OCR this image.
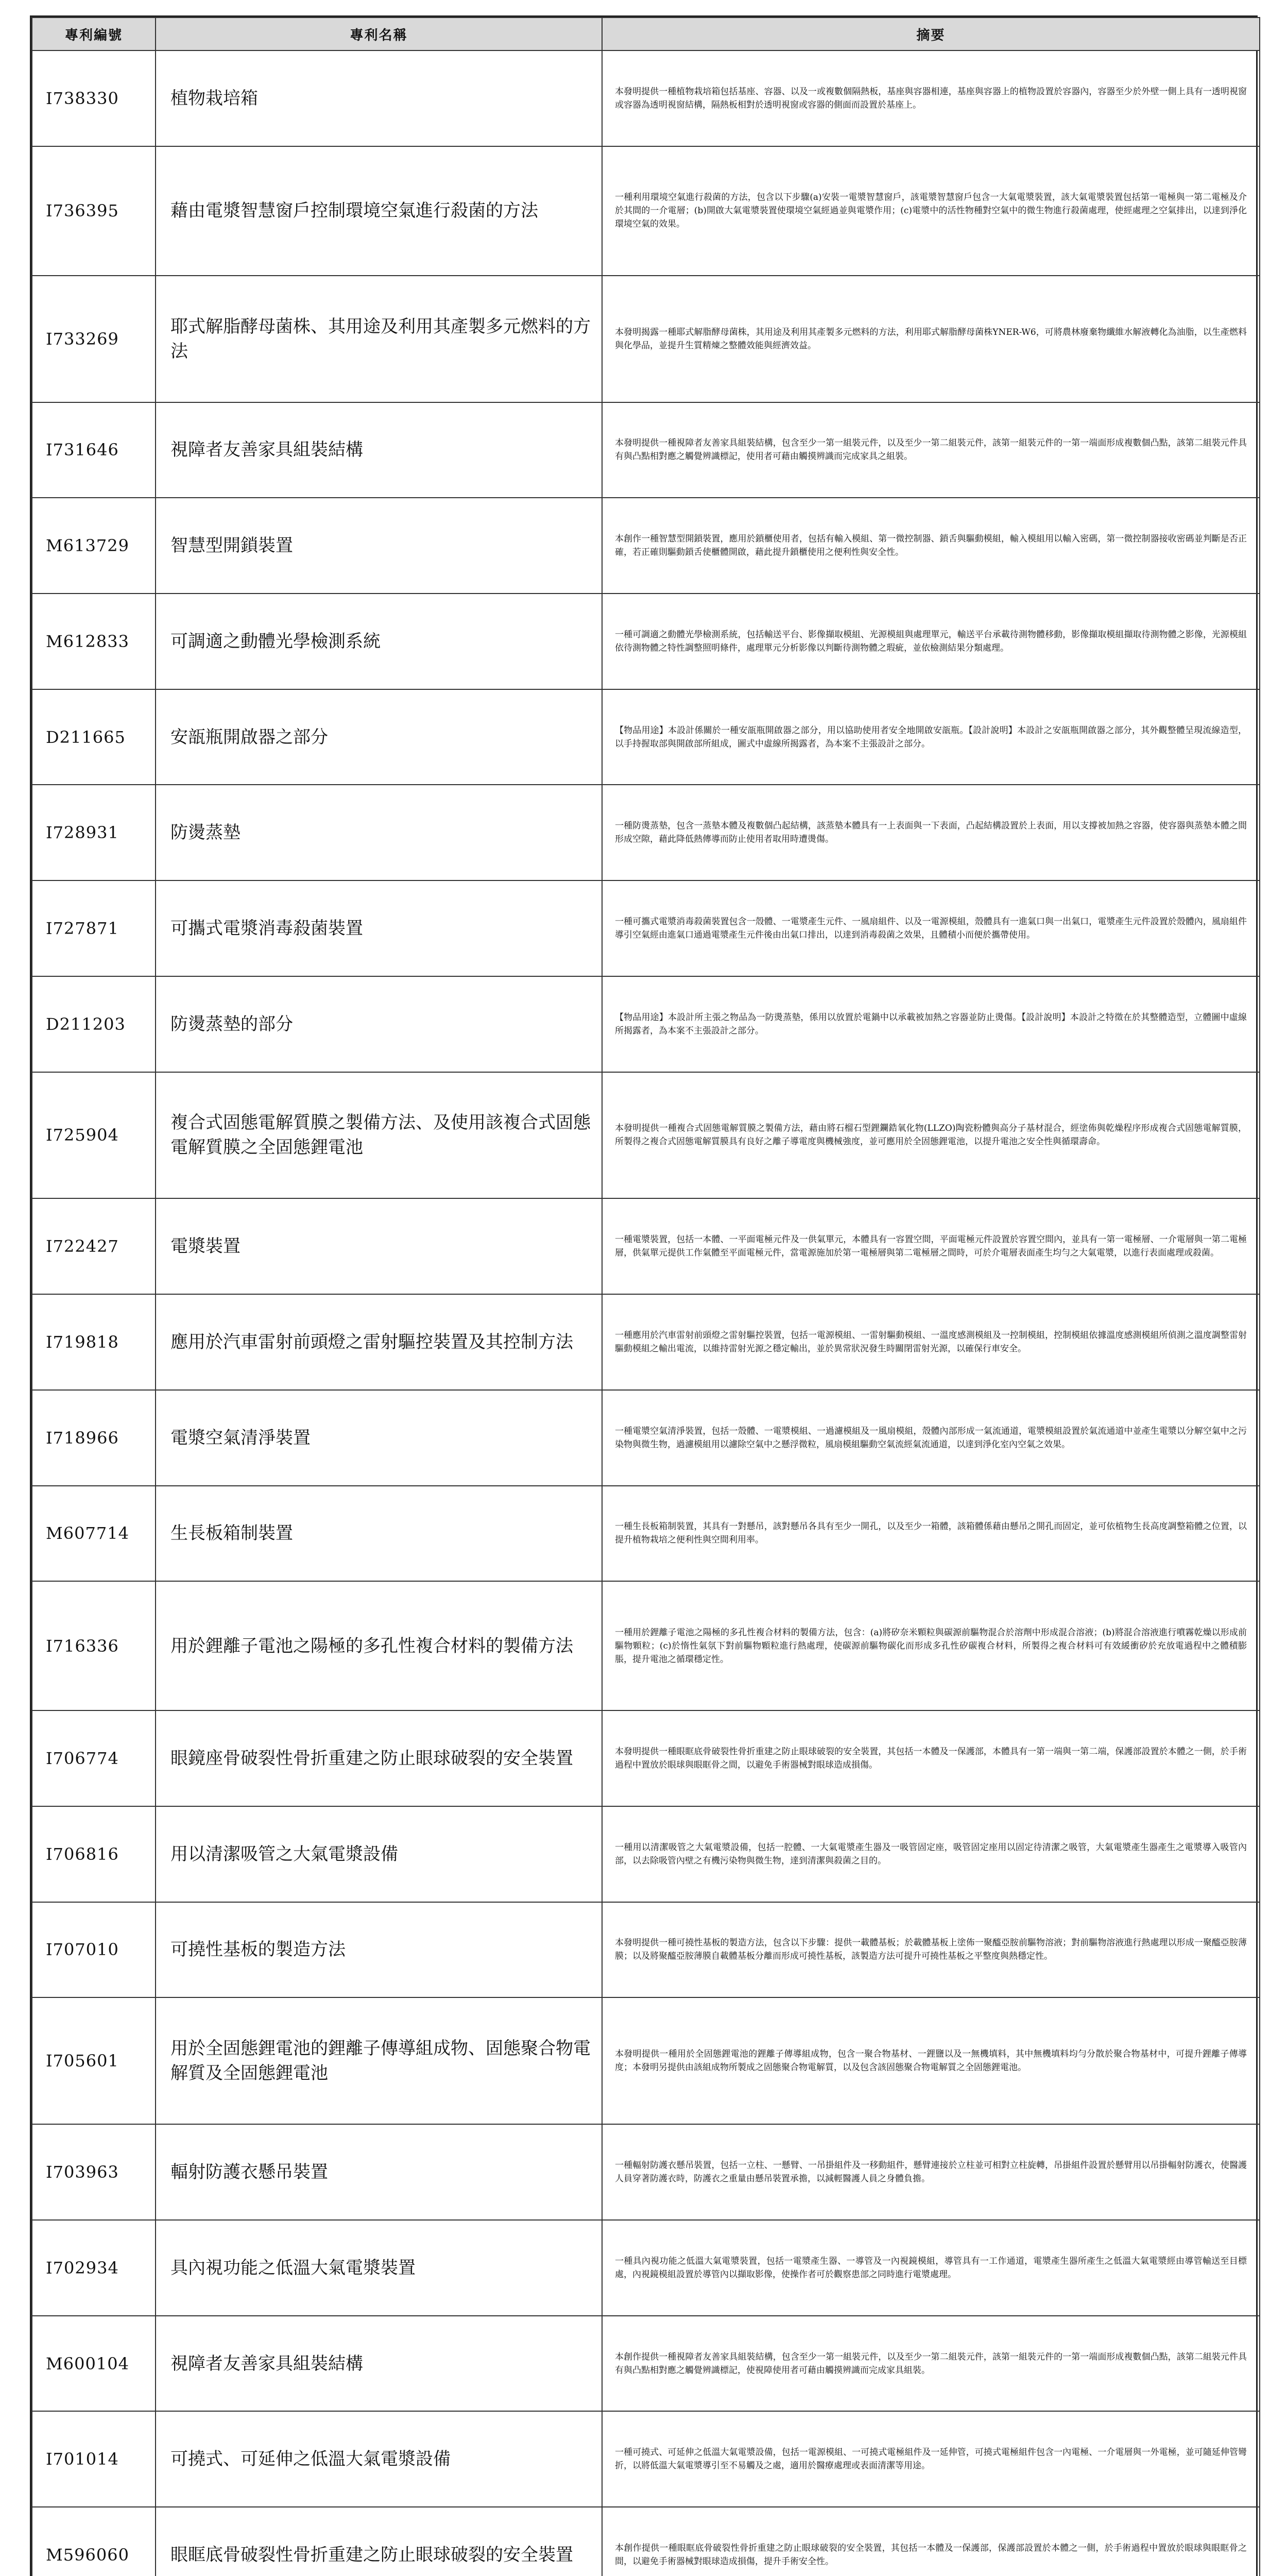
專利編號	專利名稱	摘要
I738330	植物栽培箱	本發明提供一種植物栽培箱包括基座、容器、以及一或複數個隔熱板，基座與容器相連，基座與容器上的植物設置於容器內，容器至少於外壁一側上具有一透明視窗或容器為透明視窗結構，隔熱板相對於透明視窗或容器的側面而設置於基座上。
I736395	藉由電漿智慧窗戶控制環境空氣進行殺菌的方法	一種利用環境空氣進行殺菌的方法，包含以下步驟(a)安裝一電漿智慧窗戶，該電漿智慧窗戶包含一大氣電漿裝置，該大氣電漿裝置包括第一電極與一第二電極及介於其間的一介電層；(b)開啟大氣電漿裝置使環境空氣經過並與電漿作用；(c)電漿中的活性物種對空氣中的微生物進行殺菌處理，使經處理之空氣排出，以達到淨化環境空氣的效果。
I733269	耶式解脂酵母菌株、其用途及利用其產製多元燃料的方法	本發明揭露一種耶式解脂酵母菌株，其用途及利用其產製多元燃料的方法，利用耶式解脂酵母菌株YNER-W6，可將農林廢棄物纖維水解液轉化為油脂，以生產燃料與化學品，並提升生質精煉之整體效能與經濟效益。
I731646	視障者友善家具組裝結構	本發明提供一種視障者友善家具組裝結構，包含至少一第一組裝元件，以及至少一第二組裝元件，該第一組裝元件的一第一端面形成複數個凸點，該第二組裝元件具有與凸點相對應之觸覺辨識標記，使用者可藉由觸摸辨識而完成家具之組裝。
M613729	智慧型開鎖裝置	本創作一種智慧型開鎖裝置，應用於鎖櫃使用者，包括有輸入模組、第一微控制器、鎖舌與驅動模組，輸入模組用以輸入密碼，第一微控制器接收密碼並判斷是否正確，若正確則驅動鎖舌使櫃體開啟，藉此提升鎖櫃使用之便利性與安全性。
M612833	可調適之動體光學檢測系統	一種可調適之動體光學檢測系統，包括輸送平台、影像擷取模組、光源模組與處理單元，輸送平台承載待測物體移動，影像擷取模組擷取待測物體之影像，光源模組依待測物體之特性調整照明條件，處理單元分析影像以判斷待測物體之瑕疵，並依檢測結果分類處理。
D211665	安瓿瓶開啟器之部分	【物品用途】本設計係關於一種安瓿瓶開啟器之部分，用以協助使用者安全地開啟安瓿瓶。【設計說明】本設計之安瓿瓶開啟器之部分，其外觀整體呈現流線造型，以手持握取部與開啟部所組成，圖式中虛線所揭露者，為本案不主張設計之部分。
I728931	防燙蒸墊	一種防燙蒸墊，包含一蒸墊本體及複數個凸起結構，該蒸墊本體具有一上表面與一下表面，凸起結構設置於上表面，用以支撐被加熱之容器，使容器與蒸墊本體之間形成空隙，藉此降低熱傳導而防止使用者取用時遭燙傷。
I727871	可攜式電漿消毒殺菌裝置	一種可攜式電漿消毒殺菌裝置包含一殼體、一電漿產生元件、一風扇組件、以及一電源模組，殼體具有一進氣口與一出氣口，電漿產生元件設置於殼體內，風扇組件導引空氣經由進氣口通過電漿產生元件後由出氣口排出，以達到消毒殺菌之效果，且體積小而便於攜帶使用。
D211203	防燙蒸墊的部分	【物品用途】本設計所主張之物品為一防燙蒸墊，係用以放置於電鍋中以承載被加熱之容器並防止燙傷。【設計說明】本設計之特徵在於其整體造型，立體圖中虛線所揭露者，為本案不主張設計之部分。
I725904	複合式固態電解質膜之製備方法、及使用該複合式固態電解質膜之全固態鋰電池	本發明提供一種複合式固態電解質膜之製備方法，藉由將石榴石型鋰鑭鋯氧化物(LLZO)陶瓷粉體與高分子基材混合，經塗佈與乾燥程序形成複合式固態電解質膜，所製得之複合式固態電解質膜具有良好之離子導電度與機械強度，並可應用於全固態鋰電池，以提升電池之安全性與循環壽命。
I722427	電漿裝置	一種電漿裝置，包括一本體、一平面電極元件及一供氣單元，本體具有一容置空間，平面電極元件設置於容置空間內，並具有一第一電極層、一介電層與一第二電極層，供氣單元提供工作氣體至平面電極元件，當電源施加於第一電極層與第二電極層之間時，可於介電層表面產生均勻之大氣電漿，以進行表面處理或殺菌。
I719818	應用於汽車雷射前頭燈之雷射驅控裝置及其控制方法	一種應用於汽車雷射前頭燈之雷射驅控裝置，包括一電源模組、一雷射驅動模組、一溫度感測模組及一控制模組，控制模組依據溫度感測模組所偵測之溫度調整雷射驅動模組之輸出電流，以維持雷射光源之穩定輸出，並於異常狀況發生時關閉雷射光源，以確保行車安全。
I718966	電漿空氣清淨裝置	一種電漿空氣清淨裝置，包括一殼體、一電漿模組、一過濾模組及一風扇模組，殼體內部形成一氣流通道，電漿模組設置於氣流通道中並產生電漿以分解空氣中之污染物與微生物，過濾模組用以濾除空氣中之懸浮微粒，風扇模組驅動空氣流經氣流通道，以達到淨化室內空氣之效果。
M607714	生長板箱制裝置	一種生長板箱制裝置，其具有一對懸吊，該對懸吊各具有至少一開孔，以及至少一箱體，該箱體係藉由懸吊之開孔而固定，並可依植物生長高度調整箱體之位置，以提升植物栽培之便利性與空間利用率。
I716336	用於鋰離子電池之陽極的多孔性複合材料的製備方法	一種用於鋰離子電池之陽極的多孔性複合材料的製備方法，包含：(a)將矽奈米顆粒與碳源前驅物混合於溶劑中形成混合溶液；(b)將混合溶液進行噴霧乾燥以形成前驅物顆粒；(c)於惰性氣氛下對前驅物顆粒進行熱處理，使碳源前驅物碳化而形成多孔性矽碳複合材料，所製得之複合材料可有效緩衝矽於充放電過程中之體積膨脹，提升電池之循環穩定性。
I706774	眼鏡座骨破裂性骨折重建之防止眼球破裂的安全裝置	本發明提供一種眼眶底骨破裂性骨折重建之防止眼球破裂的安全裝置，其包括一本體及一保護部，本體具有一第一端與一第二端，保護部設置於本體之一側，於手術過程中置放於眼球與眼眶骨之間，以避免手術器械對眼球造成損傷。
I706816	用以清潔吸管之大氣電漿設備	一種用以清潔吸管之大氣電漿設備，包括一腔體、一大氣電漿產生器及一吸管固定座，吸管固定座用以固定待清潔之吸管，大氣電漿產生器產生之電漿導入吸管內部，以去除吸管內壁之有機污染物與微生物，達到清潔與殺菌之目的。
I707010	可撓性基板的製造方法	本發明提供一種可撓性基板的製造方法，包含以下步驟：提供一載體基板；於載體基板上塗佈一聚醯亞胺前驅物溶液；對前驅物溶液進行熱處理以形成一聚醯亞胺薄膜；以及將聚醯亞胺薄膜自載體基板分離而形成可撓性基板，該製造方法可提升可撓性基板之平整度與熱穩定性。
I705601	用於全固態鋰電池的鋰離子傳導組成物、固態聚合物電解質及全固態鋰電池	本發明提供一種用於全固態鋰電池的鋰離子傳導組成物，包含一聚合物基材、一鋰鹽以及一無機填料，其中無機填料均勻分散於聚合物基材中，可提升鋰離子傳導度；本發明另提供由該組成物所製成之固態聚合物電解質，以及包含該固態聚合物電解質之全固態鋰電池。
I703963	輻射防護衣懸吊裝置	一種輻射防護衣懸吊裝置，包括一立柱、一懸臂、一吊掛組件及一移動組件，懸臂連接於立柱並可相對立柱旋轉，吊掛組件設置於懸臂用以吊掛輻射防護衣，使醫護人員穿著防護衣時，防護衣之重量由懸吊裝置承擔，以減輕醫護人員之身體負擔。
I702934	具內視功能之低溫大氣電漿裝置	一種具內視功能之低溫大氣電漿裝置，包括一電漿產生器、一導管及一內視鏡模組，導管具有一工作通道，電漿產生器所產生之低溫大氣電漿經由導管輸送至目標處，內視鏡模組設置於導管內以擷取影像，使操作者可於觀察患部之同時進行電漿處理。
M600104	視障者友善家具組裝結構	本創作提供一種視障者友善家具組裝結構，包含至少一第一組裝元件，以及至少一第二組裝元件，該第一組裝元件的一第一端面形成複數個凸點，該第二組裝元件具有與凸點相對應之觸覺辨識標記，使視障使用者可藉由觸摸辨識而完成家具組裝。
I701014	可撓式、可延伸之低溫大氣電漿設備	一種可撓式、可延伸之低溫大氣電漿設備，包括一電源模組、一可撓式電極組件及一延伸管，可撓式電極組件包含一內電極、一介電層與一外電極，並可隨延伸管彎折，以將低溫大氣電漿導引至不易觸及之處，適用於醫療處理或表面清潔等用途。
M596060	眼眶底骨破裂性骨折重建之防止眼球破裂的安全裝置	本創作提供一種眼眶底骨破裂性骨折重建之防止眼球破裂的安全裝置，其包括一本體及一保護部，保護部設置於本體之一側，於手術過程中置放於眼球與眼眶骨之間，以避免手術器械對眼球造成損傷，提升手術安全性。
